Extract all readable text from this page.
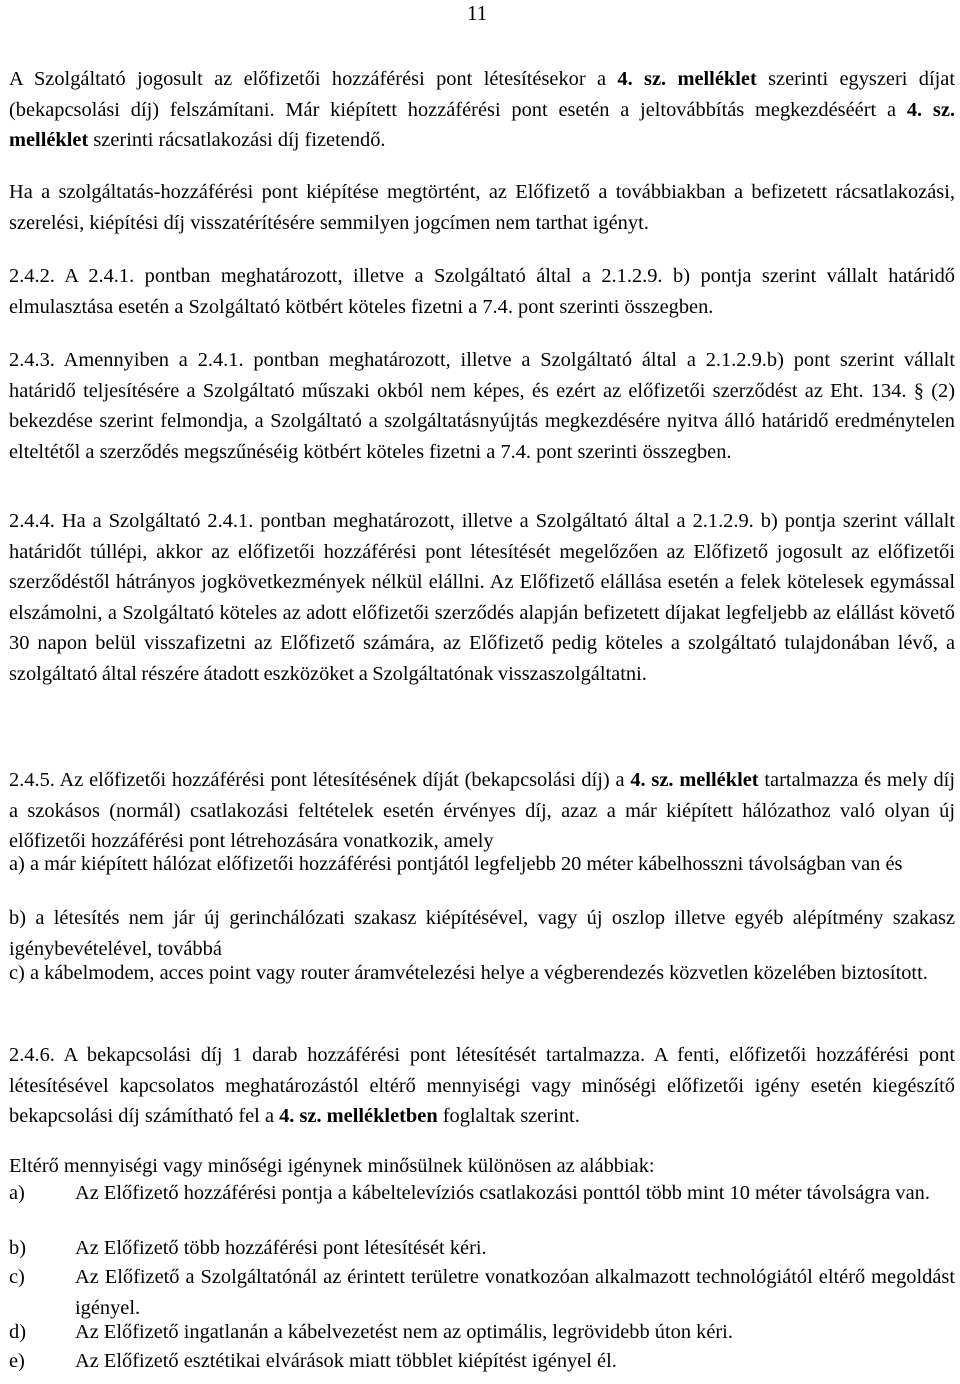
11

A Szolgáltató jogosult az előfizetői hozzáférési pont létesítésekor a 4. sz. melléklet szerinti egyszeri díjat (bekapcsolási díj) felszámítani. Már kiépített hozzáférési pont esetén a jeltovábbítás megkezdéséért a 4. sz. melléklet szerinti rácsatlakozási díj fizetendő.

Ha a szolgáltatás-hozzáférési pont kiépítése megtörtént, az Előfizető a továbbiakban a befizetett rácsatlakozási, szerelési, kiépítési díj visszatérítésére semmilyen jogcímen nem tarthat igényt.

2.4.2. A 2.4.1. pontban meghatározott, illetve a Szolgáltató által a 2.1.2.9. b) pontja szerint vállalt határidő elmulasztása esetén a Szolgáltató kötbért köteles fizetni a 7.4. pont szerinti összegben.

2.4.3. Amennyiben a 2.4.1. pontban meghatározott, illetve a Szolgáltató által a 2.1.2.9.b) pont szerint vállalt határidő teljesítésére a Szolgáltató műszaki okból nem képes, és ezért az előfizetői szerződést az Eht. 134. § (2) bekezdése szerint felmondja, a Szolgáltató a szolgáltatásnyújtás megkezdésére nyitva álló határidő eredménytelen elteltétől a szerződés megszűnéséig kötbért köteles fizetni a 7.4. pont szerinti összegben.

2.4.4. Ha a Szolgáltató 2.4.1. pontban meghatározott, illetve a Szolgáltató által a 2.1.2.9. b) pontja szerint vállalt határidőt túllépi, akkor az előfizetői hozzáférési pont létesítését megelőzően az Előfizető jogosult az előfizetői szerződéstől hátrányos jogkövetkezmények nélkül elállni. Az Előfizető elállása esetén a felek kötelesek egymással elszámolni, a Szolgáltató köteles az adott előfizetői szerződés alapján befizetett díjakat legfeljebb az elállást követő 30 napon belül visszafizetni az Előfizető számára, az Előfizető pedig köteles a szolgáltató tulajdonában lévő, a szolgáltató által részére átadott eszközöket a Szolgáltatónak visszaszolgáltatni.

2.4.5. Az előfizetői hozzáférési pont létesítésének díját (bekapcsolási díj) a 4. sz. melléklet tartalmazza és mely díj a szokásos (normál) csatlakozási feltételek esetén érvényes díj, azaz a már kiépített hálózathoz való olyan új előfizetői hozzáférési pont létrehozására vonatkozik, amely

a) a már kiépített hálózat előfizetői hozzáférési pontjától legfeljebb 20 méter kábelhosszni távolságban van és

b) a létesítés nem jár új gerinchálózati szakasz kiépítésével, vagy új oszlop illetve egyéb alépítmény szakasz igénybevételével, továbbá

c) a kábelmodem, acces point vagy router áramvételezési helye a végberendezés közvetlen közelében biztosított.

2.4.6. A bekapcsolási díj 1 darab hozzáférési pont létesítését tartalmazza. A fenti, előfizetői hozzáférési pont létesítésével kapcsolatos meghatározástól eltérő mennyiségi vagy minőségi előfizetői igény esetén kiegészítő bekapcsolási díj számítható fel a 4. sz. mellékletben foglaltak szerint.

Eltérő mennyiségi vagy minőségi igénynek minősülnek különösen az alábbiak:

a)	Az Előfizető hozzáférési pontja a kábeltelevíziós csatlakozási ponttól több mint 10 méter távolságra van.
b)	Az Előfizető több hozzáférési pont létesítését kéri.
c)	Az Előfizető a Szolgáltatónál az érintett területre vonatkozóan alkalmazott technológiától eltérő megoldást igényel.
d)	Az Előfizető ingatlanán a kábelvezetést nem az optimális, legrövidebb úton kéri.
e)	Az Előfizető esztétikai elvárások miatt többlet kiépítést igényel él.
